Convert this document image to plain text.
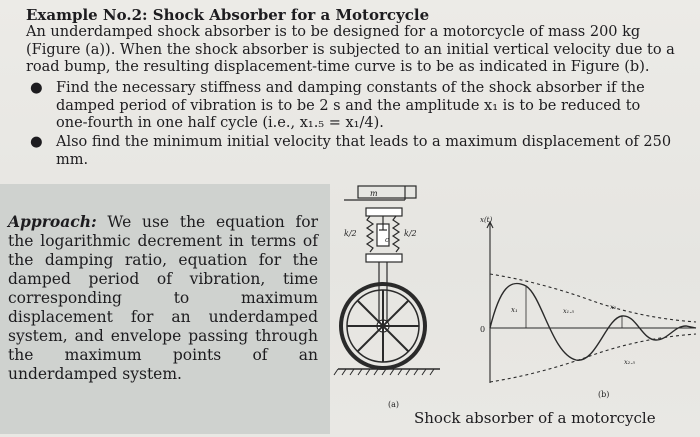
Example No.2: Shock Absorber for a Motorcycle
An underdamped shock absorber is to be designed for a motorcycle of mass 200 kg (Figure (a)). When the shock absorber is subjected to an initial vertical velocity due to a road bump, the resulting displacement-time curve is to be as indicated in Figure (b).
● Find the necessary stiffness and damping constants of the shock absorber if the damped period of vibration is to be 2 s and the amplitude x₁ is to be reduced to one-fourth in one half cycle (i.e., x₁.₅ = x₁/4).
● Also find the minimum initial velocity that leads to a maximum displacement of 250 mm.
Approach: We use the equation for the logarithmic decrement in terms of the damping ratio, equation for the damped period of vibration, time corresponding to maximum displacement for an underdamped system, and envelope passing through the maximum points of an underdamped system.
m
k/2	k/2
c
(a)
x(t)
0
x₁	x₁.₅	x₂
x₂.₅
(b)
Shock absorber of a motorcycle
